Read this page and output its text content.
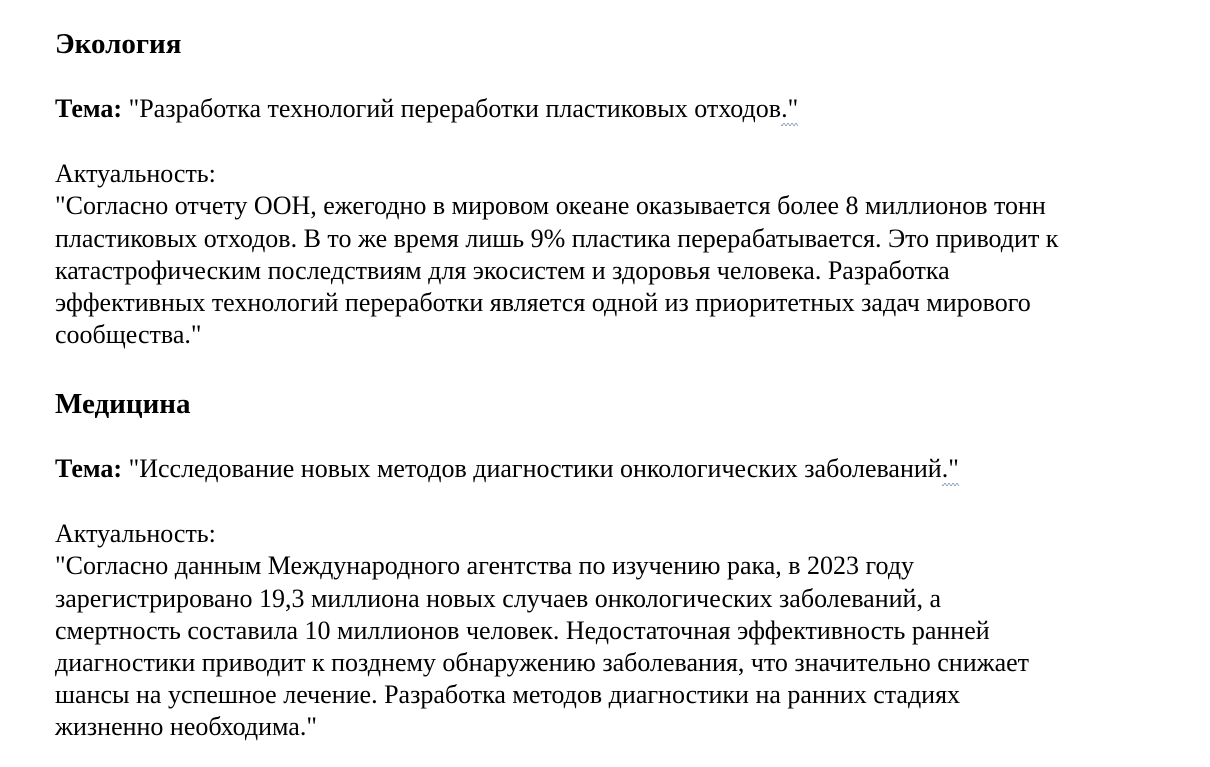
Экология
Тема: "Разработка технологий переработки пластиковых отходов."
Актуальность:
"Согласно отчету ООН, ежегодно в мировом океане оказывается более 8 миллионов тонн
пластиковых отходов. В то же время лишь 9% пластика перерабатывается. Это приводит к
катастрофическим последствиям для экосистем и здоровья человека. Разработка
эффективных технологий переработки является одной из приоритетных задач мирового
сообщества."
Медицина
Тема: "Исследование новых методов диагностики онкологических заболеваний."
Актуальность:
"Согласно данным Международного агентства по изучению рака, в 2023 году
зарегистрировано 19,3 миллиона новых случаев онкологических заболеваний, а
смертность составила 10 миллионов человек. Недостаточная эффективность ранней
диагностики приводит к позднему обнаружению заболевания, что значительно снижает
шансы на успешное лечение. Разработка методов диагностики на ранних стадиях
жизненно необходима."
